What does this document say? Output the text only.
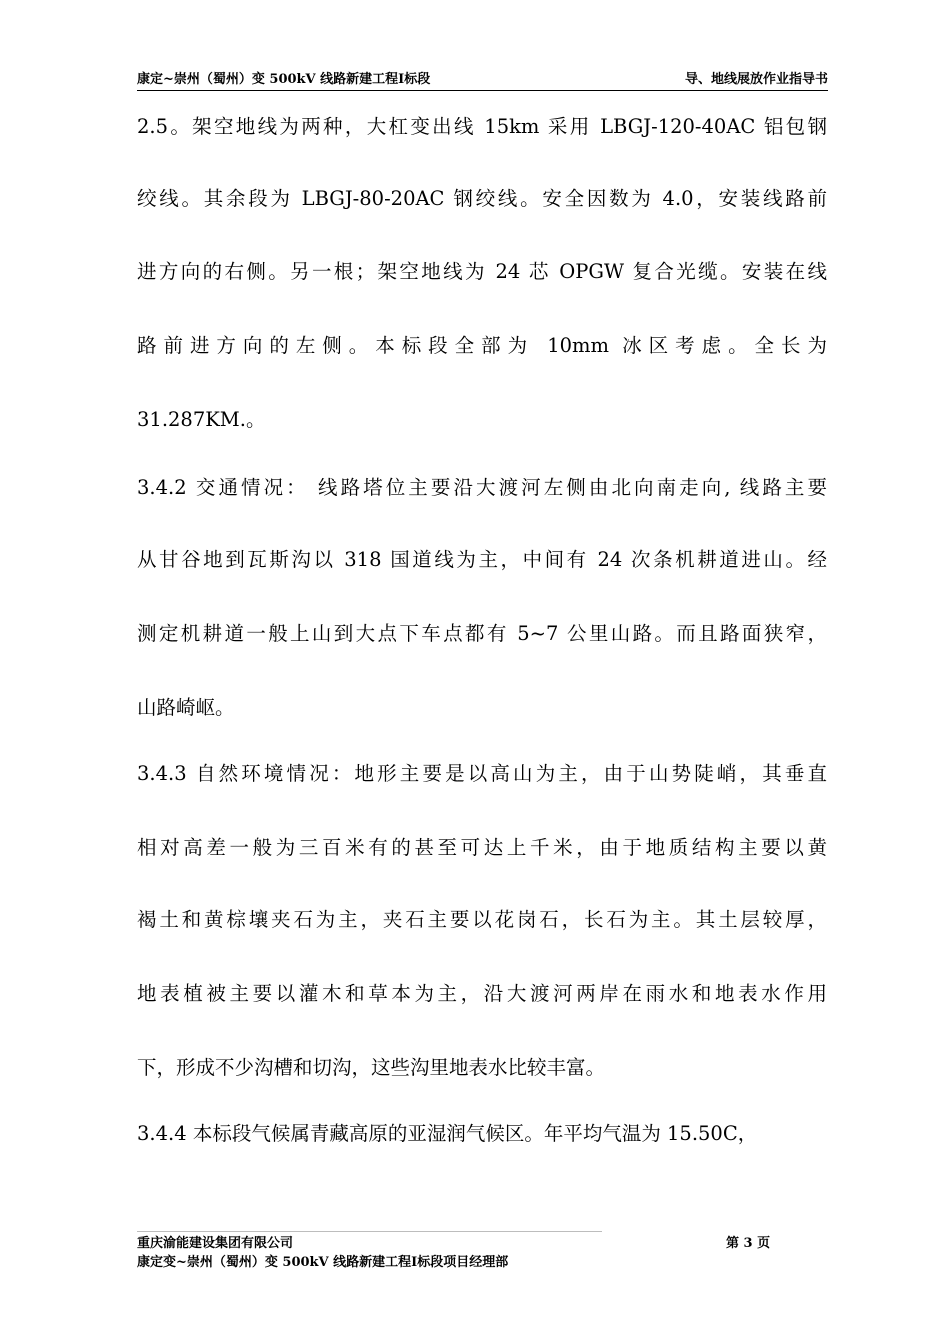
康定~崇州（蜀州）变 500kV 线路新建工程Ⅰ标段	导、地线展放作业指导书
2.5。架空地线为两种，大杠变出线 15km 采用 LBGJ-120-40AC 铝包钢
绞线。其余段为 LBGJ-80-20AC 钢绞线。安全因数为 4.0，安装线路前
进方向的右侧。另一根；架空地线为 24 芯 OPGW 复合光缆。安装在线
路前进方向的左侧。本标段全部为 10mm 冰区考虑。全长为
31.287KM.。
3.4.2 交通情况： 线路塔位主要沿大渡河左侧由北向南走向, 线路主要
从甘谷地到瓦斯沟以 318 国道线为主，中间有 24 次条机耕道进山。经
测定机耕道一般上山到大点下车点都有 5~7 公里山路。而且路面狭窄，
山路崎岖。
3.4.3 自然环境情况：地形主要是以高山为主，由于山势陡峭，其垂直
相对高差一般为三百米有的甚至可达上千米，由于地质结构主要以黄
褐土和黄棕壤夹石为主，夹石主要以花岗石，长石为主。其土层较厚，
地表植被主要以灌木和草本为主，沿大渡河两岸在雨水和地表水作用
下，形成不少沟槽和切沟，这些沟里地表水比较丰富。
3.4.4 本标段气候属青藏高原的亚湿润气候区。年平均气温为 15.50C，
重庆渝能建设集团有限公司	第 3 页
康定变~崇州（蜀州）变 500kV 线路新建工程Ⅰ标段项目经理部
